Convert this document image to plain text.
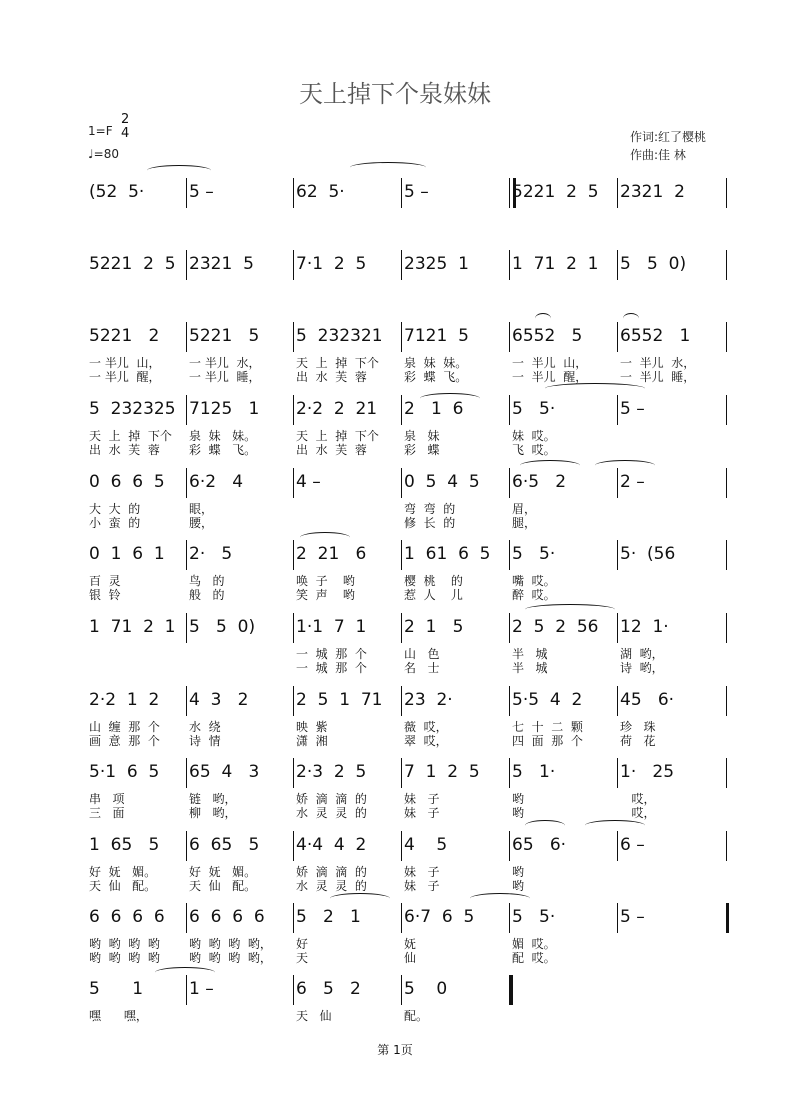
天上掉下个泉妹妹
1=F
2
4
♩=80
作词:红了樱桃
作曲:佳 林
(52  5·	5 –	62  5·	5 –	5221  2  5 2321  2
5221  2  5 2321  5 7·1  2  5 2325  1	1  71  2  1 5   5  0)
5221   2
一 半儿  山，
一 半儿  醒，
5221   5
一 半儿  水，
一 半儿  睡，
5  232321
天  上  掉  下个
出  水  芙  蓉
7121  5
泉  妹  妹。
彩  蝶  飞。
6552   5
一  半儿  山，
一  半儿  醒，
6552   1
一  半儿  水，
一  半儿  睡，
5  232325
天  上  掉  下个
出  水  芙  蓉
7125   1
泉  妹   妹。
彩  蝶   飞。
2·2  2  21
天  上  掉  下个
出  水  芙  蓉
2   1  6
泉   妹
彩   蝶
5   5·
妹  哎。
飞  哎。
5 –
0  6  6  5
大  大  的
小  蛮  的
6·2   4
眼，
腰，
4 –	0  5  4  5
弯  弯  的
修  长  的
6·5   2
眉，
腿，
2 –
0  1  6  1
百  灵
银  铃
2·   5
鸟   的
般   的
2  21   6
唤  子    哟
笑  声    哟
1  61  6  5
樱  桃    的
惹  人    儿
5   5·
嘴  哎。
醉  哎。
5·  (56
1  71  2  1 5   5  0) 1·1  7  1
一  城  那  个
一  城  那  个
2  1   5
山   色
名   士
2  5  2  56
半   城
半   城
12  1·
湖  哟，
诗  哟，
2·2  1  2
山  缠  那  个
画  意  那  个
4  3   2
水  绕
诗  情
2  5  1  71
映  紫
潇  湘
23  2·
薇  哎，
翠  哎，
5·5  4  2
七  十  二  颗
四  面  那  个
45   6·
珍   珠
荷   花
5·1  6  5
串   项
三   面
65  4   3
链   哟，
柳   哟，
2·3  2  5
娇  滴  滴  的
水  灵  灵  的
7  1  2  5
妹   子
妹   子
5   1·
哟
哟
1·   25
哎，
哎，
1  65   5
好  妩   媚。
天  仙   配。
6  65   5
好  妩   媚。
天  仙   配。
4·4  4  2
娇  滴  滴  的
水  灵  灵  的
4    5
妹   子
妹   子
65   6·
哟
哟
6 –
6  6  6  6
哟  哟  哟  哟
哟  哟  哟  哟
6  6  6  6
哟  哟  哟  哟，
哟  哟  哟  哟，
5   2   1
好
天
6·7  6  5
妩
仙
5   5·
媚  哎。
配  哎。
5 –
5      1
嘿      嘿，
1 –	6   5   2
天   仙
5    0
配。
第 1页
